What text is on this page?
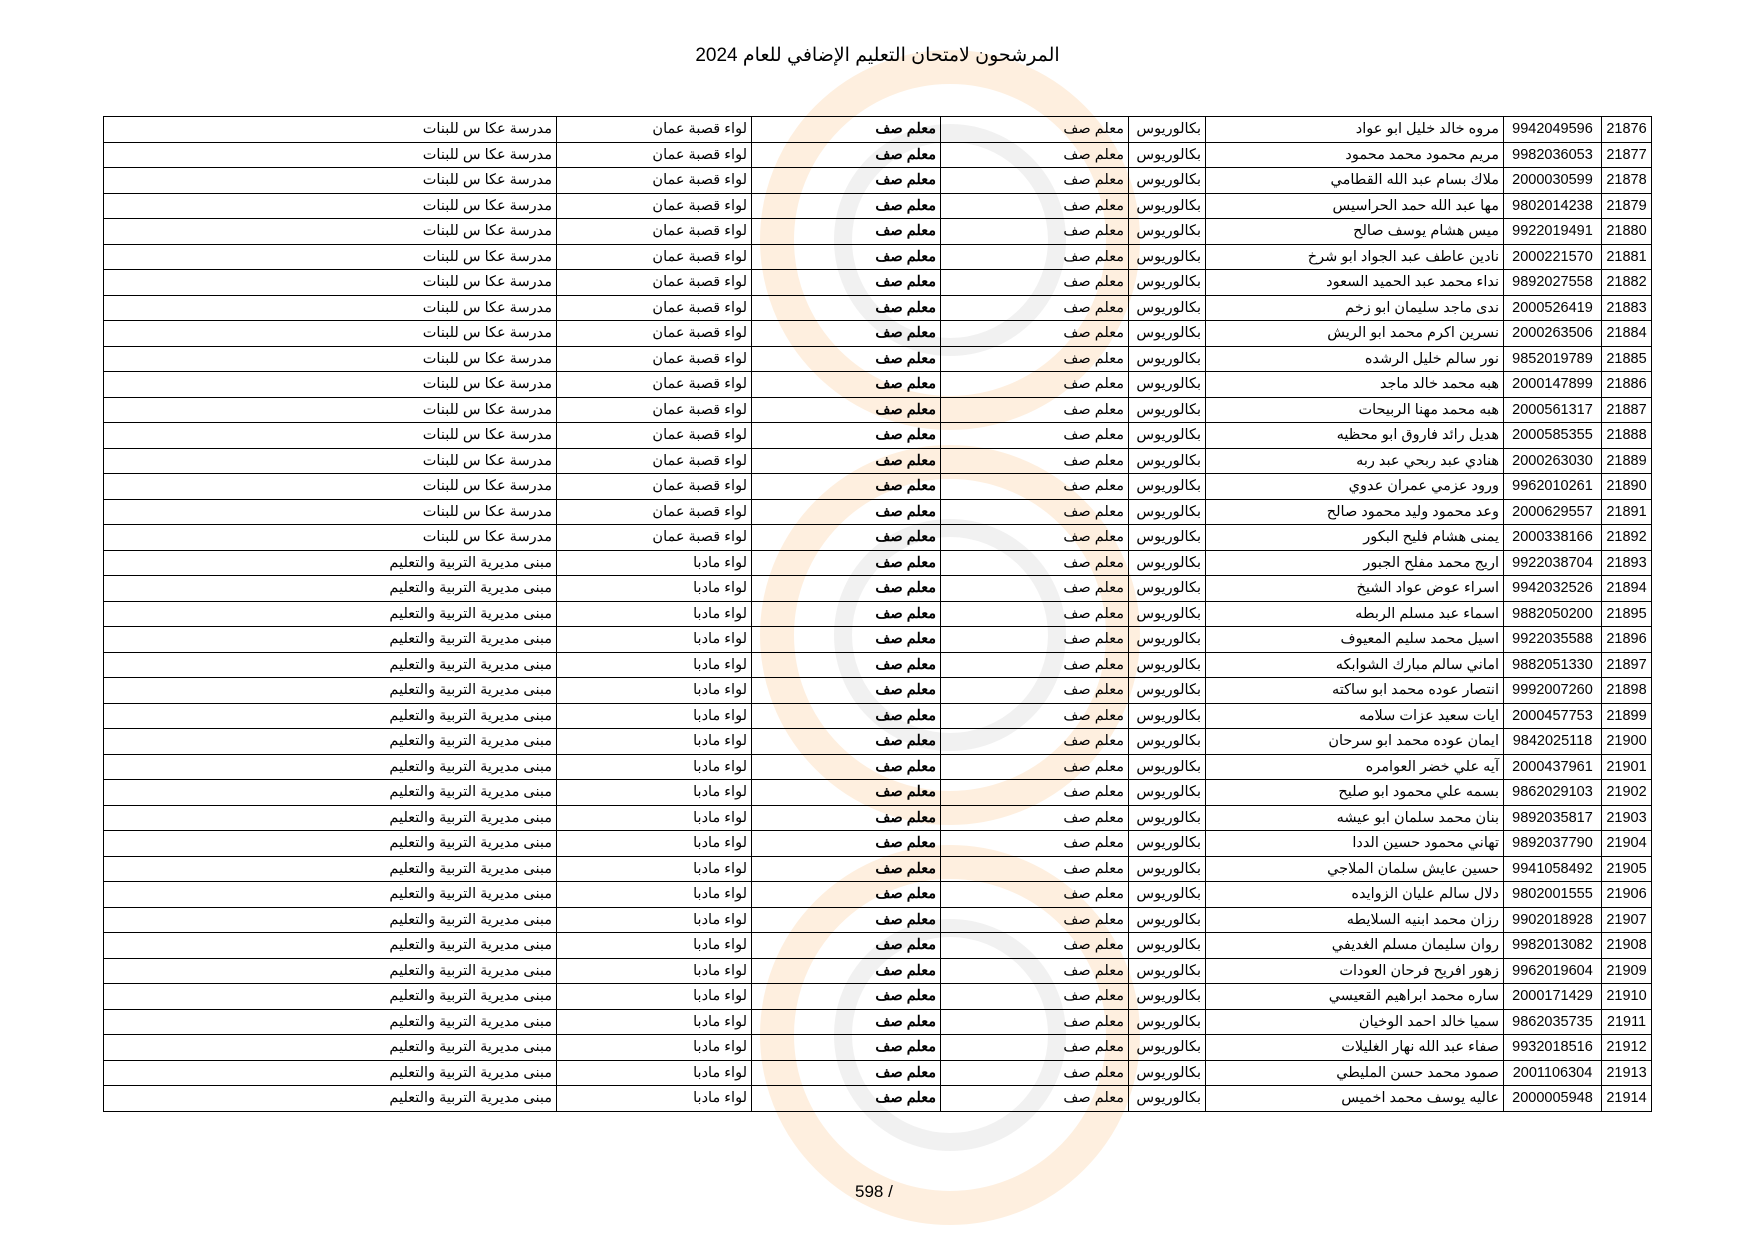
المرشحون لامتحان التعليم الإضافي للعام 2024
21876	9942049596	مروه خالد خليل ابو عواد	بكالوريوس	معلم صف	معلم صف	لواء قصبة عمان	مدرسة عكا س للبنات
21877	9982036053	مريم محمود محمد محمود	بكالوريوس	معلم صف	معلم صف	لواء قصبة عمان	مدرسة عكا س للبنات
21878	2000030599	ملاك بسام عبد الله القطامي	بكالوريوس	معلم صف	معلم صف	لواء قصبة عمان	مدرسة عكا س للبنات
21879	9802014238	مها عبد الله حمد الحراسيس	بكالوريوس	معلم صف	معلم صف	لواء قصبة عمان	مدرسة عكا س للبنات
21880	9922019491	ميس هشام يوسف صالح	بكالوريوس	معلم صف	معلم صف	لواء قصبة عمان	مدرسة عكا س للبنات
21881	2000221570	نادين عاطف عبد الجواد ابو شرخ	بكالوريوس	معلم صف	معلم صف	لواء قصبة عمان	مدرسة عكا س للبنات
21882	9892027558	نداء محمد عبد الحميد السعود	بكالوريوس	معلم صف	معلم صف	لواء قصبة عمان	مدرسة عكا س للبنات
21883	2000526419	ندى ماجد سليمان ابو زخم	بكالوريوس	معلم صف	معلم صف	لواء قصبة عمان	مدرسة عكا س للبنات
21884	2000263506	نسرين اكرم محمد ابو الريش	بكالوريوس	معلم صف	معلم صف	لواء قصبة عمان	مدرسة عكا س للبنات
21885	9852019789	نور سالم خليل الرشده	بكالوريوس	معلم صف	معلم صف	لواء قصبة عمان	مدرسة عكا س للبنات
21886	2000147899	هبه محمد خالد ماجد	بكالوريوس	معلم صف	معلم صف	لواء قصبة عمان	مدرسة عكا س للبنات
21887	2000561317	هبه محمد مهنا الربيحات	بكالوريوس	معلم صف	معلم صف	لواء قصبة عمان	مدرسة عكا س للبنات
21888	2000585355	هديل رائد فاروق ابو محظيه	بكالوريوس	معلم صف	معلم صف	لواء قصبة عمان	مدرسة عكا س للبنات
21889	2000263030	هنادي عبد ربحي عبد ربه	بكالوريوس	معلم صف	معلم صف	لواء قصبة عمان	مدرسة عكا س للبنات
21890	9962010261	ورود عزمي عمران عدوي	بكالوريوس	معلم صف	معلم صف	لواء قصبة عمان	مدرسة عكا س للبنات
21891	2000629557	وعد محمود وليد محمود صالح	بكالوريوس	معلم صف	معلم صف	لواء قصبة عمان	مدرسة عكا س للبنات
21892	2000338166	يمنى هشام فليح البكور	بكالوريوس	معلم صف	معلم صف	لواء قصبة عمان	مدرسة عكا س للبنات
21893	9922038704	اريج محمد مفلح الجبور	بكالوريوس	معلم صف	معلم صف	لواء مادبا	مبنى مديرية التربية والتعليم
21894	9942032526	اسراء عوض عواد الشيخ	بكالوريوس	معلم صف	معلم صف	لواء مادبا	مبنى مديرية التربية والتعليم
21895	9882050200	اسماء عبد مسلم الربطه	بكالوريوس	معلم صف	معلم صف	لواء مادبا	مبنى مديرية التربية والتعليم
21896	9922035588	اسيل محمد سليم المعيوف	بكالوريوس	معلم صف	معلم صف	لواء مادبا	مبنى مديرية التربية والتعليم
21897	9882051330	اماني سالم مبارك الشوابكه	بكالوريوس	معلم صف	معلم صف	لواء مادبا	مبنى مديرية التربية والتعليم
21898	9992007260	انتصار عوده محمد ابو ساكته	بكالوريوس	معلم صف	معلم صف	لواء مادبا	مبنى مديرية التربية والتعليم
21899	2000457753	ايات سعيد عزات سلامه	بكالوريوس	معلم صف	معلم صف	لواء مادبا	مبنى مديرية التربية والتعليم
21900	9842025118	ايمان عوده محمد ابو سرحان	بكالوريوس	معلم صف	معلم صف	لواء مادبا	مبنى مديرية التربية والتعليم
21901	2000437961	آيه علي خضر العوامره	بكالوريوس	معلم صف	معلم صف	لواء مادبا	مبنى مديرية التربية والتعليم
21902	9862029103	بسمه علي محمود ابو صليح	بكالوريوس	معلم صف	معلم صف	لواء مادبا	مبنى مديرية التربية والتعليم
21903	9892035817	بنان محمد سلمان ابو عيشه	بكالوريوس	معلم صف	معلم صف	لواء مادبا	مبنى مديرية التربية والتعليم
21904	9892037790	تهاني محمود حسين الددا	بكالوريوس	معلم صف	معلم صف	لواء مادبا	مبنى مديرية التربية والتعليم
21905	9941058492	حسين عايش سلمان الملاجي	بكالوريوس	معلم صف	معلم صف	لواء مادبا	مبنى مديرية التربية والتعليم
21906	9802001555	دلال سالم عليان الزوايده	بكالوريوس	معلم صف	معلم صف	لواء مادبا	مبنى مديرية التربية والتعليم
21907	9902018928	رزان محمد ابنيه السلايطه	بكالوريوس	معلم صف	معلم صف	لواء مادبا	مبنى مديرية التربية والتعليم
21908	9982013082	روان سليمان مسلم الغديفي	بكالوريوس	معلم صف	معلم صف	لواء مادبا	مبنى مديرية التربية والتعليم
21909	9962019604	زهور افريح فرحان العودات	بكالوريوس	معلم صف	معلم صف	لواء مادبا	مبنى مديرية التربية والتعليم
21910	2000171429	ساره محمد ابراهيم القعيسي	بكالوريوس	معلم صف	معلم صف	لواء مادبا	مبنى مديرية التربية والتعليم
21911	9862035735	سميا خالد احمد الوخيان	بكالوريوس	معلم صف	معلم صف	لواء مادبا	مبنى مديرية التربية والتعليم
21912	9932018516	صفاء عبد الله نهار الغليلات	بكالوريوس	معلم صف	معلم صف	لواء مادبا	مبنى مديرية التربية والتعليم
21913	2001106304	صمود محمد حسن المليطي	بكالوريوس	معلم صف	معلم صف	لواء مادبا	مبنى مديرية التربية والتعليم
21914	2000005948	عاليه يوسف محمد اخميس	بكالوريوس	معلم صف	معلم صف	لواء مادبا	مبنى مديرية التربية والتعليم
598 /
